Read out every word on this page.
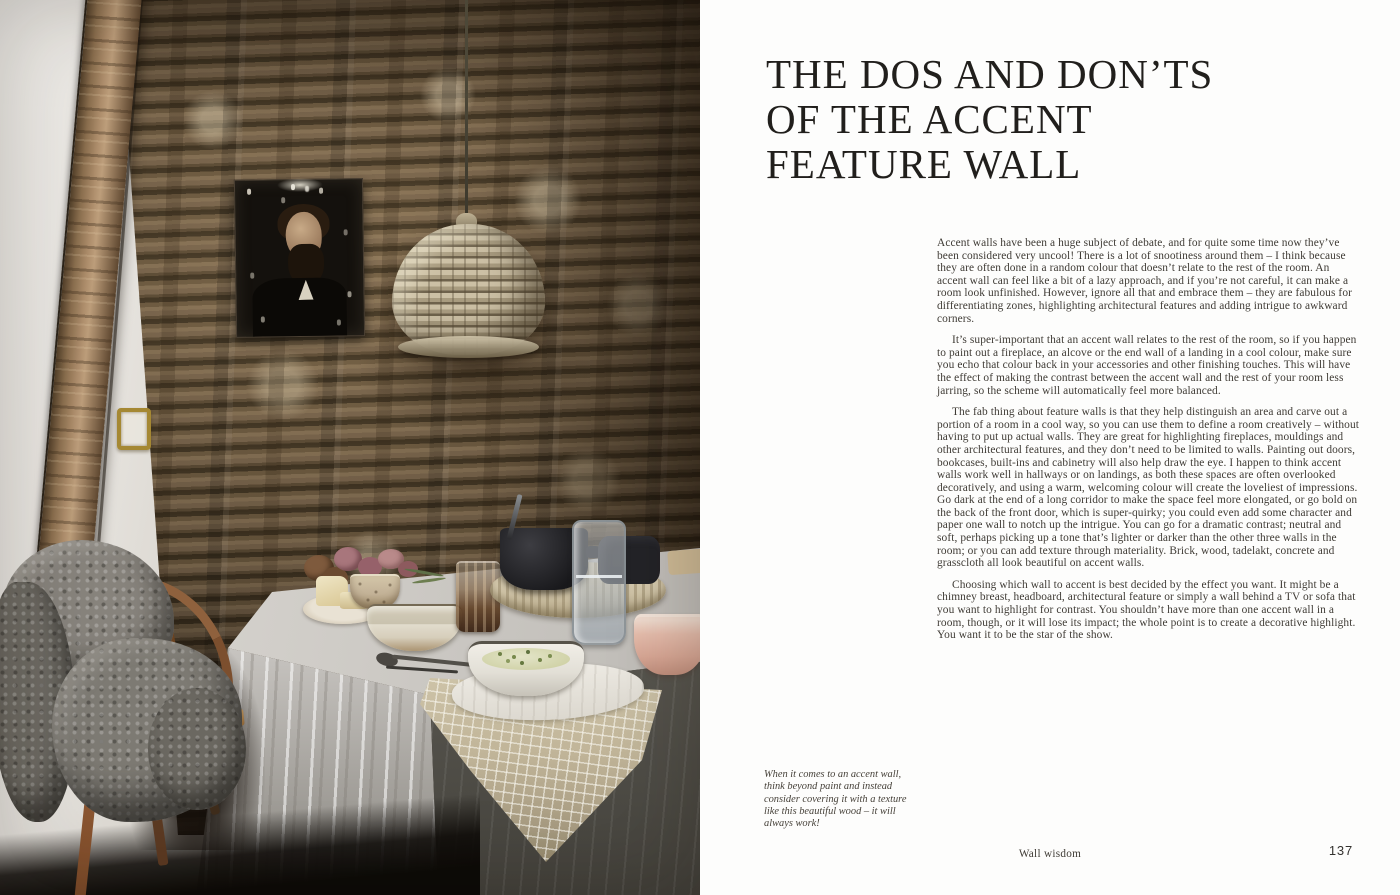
THE DOS AND DON’TS
OF THE ACCENT
FEATURE WALL

Accent walls have been a huge subject of debate, and for quite some time now they’ve been considered very uncool! There is a lot of snootiness around them – I think because they are often done in a random colour that doesn’t relate to the rest of the room. An accent wall can feel like a bit of a lazy approach, and if you’re not careful, it can make a room look unfinished. However, ignore all that and embrace them – they are fabulous for differentiating zones, highlighting architectural features and adding intrigue to awkward corners.

It’s super-important that an accent wall relates to the rest of the room, so if you happen to paint out a fireplace, an alcove or the end wall of a landing in a cool colour, make sure you echo that colour back in your accessories and other finishing touches. This will have the effect of making the contrast between the accent wall and the rest of your room less jarring, so the scheme will automatically feel more balanced.

The fab thing about feature walls is that they help distinguish an area and carve out a portion of a room in a cool way, so you can use them to define a room creatively – without having to put up actual walls. They are great for highlighting fireplaces, mouldings and other architectural features, and they don’t need to be limited to walls. Painting out doors, bookcases, built-ins and cabinetry will also help draw the eye. I happen to think accent walls work well in hallways or on landings, as both these spaces are often overlooked decoratively, and using a warm, welcoming colour will create the loveliest of impressions. Go dark at the end of a long corridor to make the space feel more elongated, or go bold on the back of the front door, which is super-quirky; you could even add some character and paper one wall to notch up the intrigue. You can go for a dramatic contrast; neutral and soft, perhaps picking up a tone that’s lighter or darker than the other three walls in the room; or you can add texture through materiality. Brick, wood, tadelakt, concrete and grasscloth all look beautiful on accent walls.

Choosing which wall to accent is best decided by the effect you want. It might be a chimney breast, headboard, architectural feature or simply a wall behind a TV or sofa that you want to highlight for contrast. You shouldn’t have more than one accent wall in a room, though, or it will lose its impact; the whole point is to create a decorative highlight. You want it to be the star of the show.

When it comes to an accent wall, think beyond paint and instead consider covering it with a texture like this beautiful wood – it will always work!
Wall wisdom	137
